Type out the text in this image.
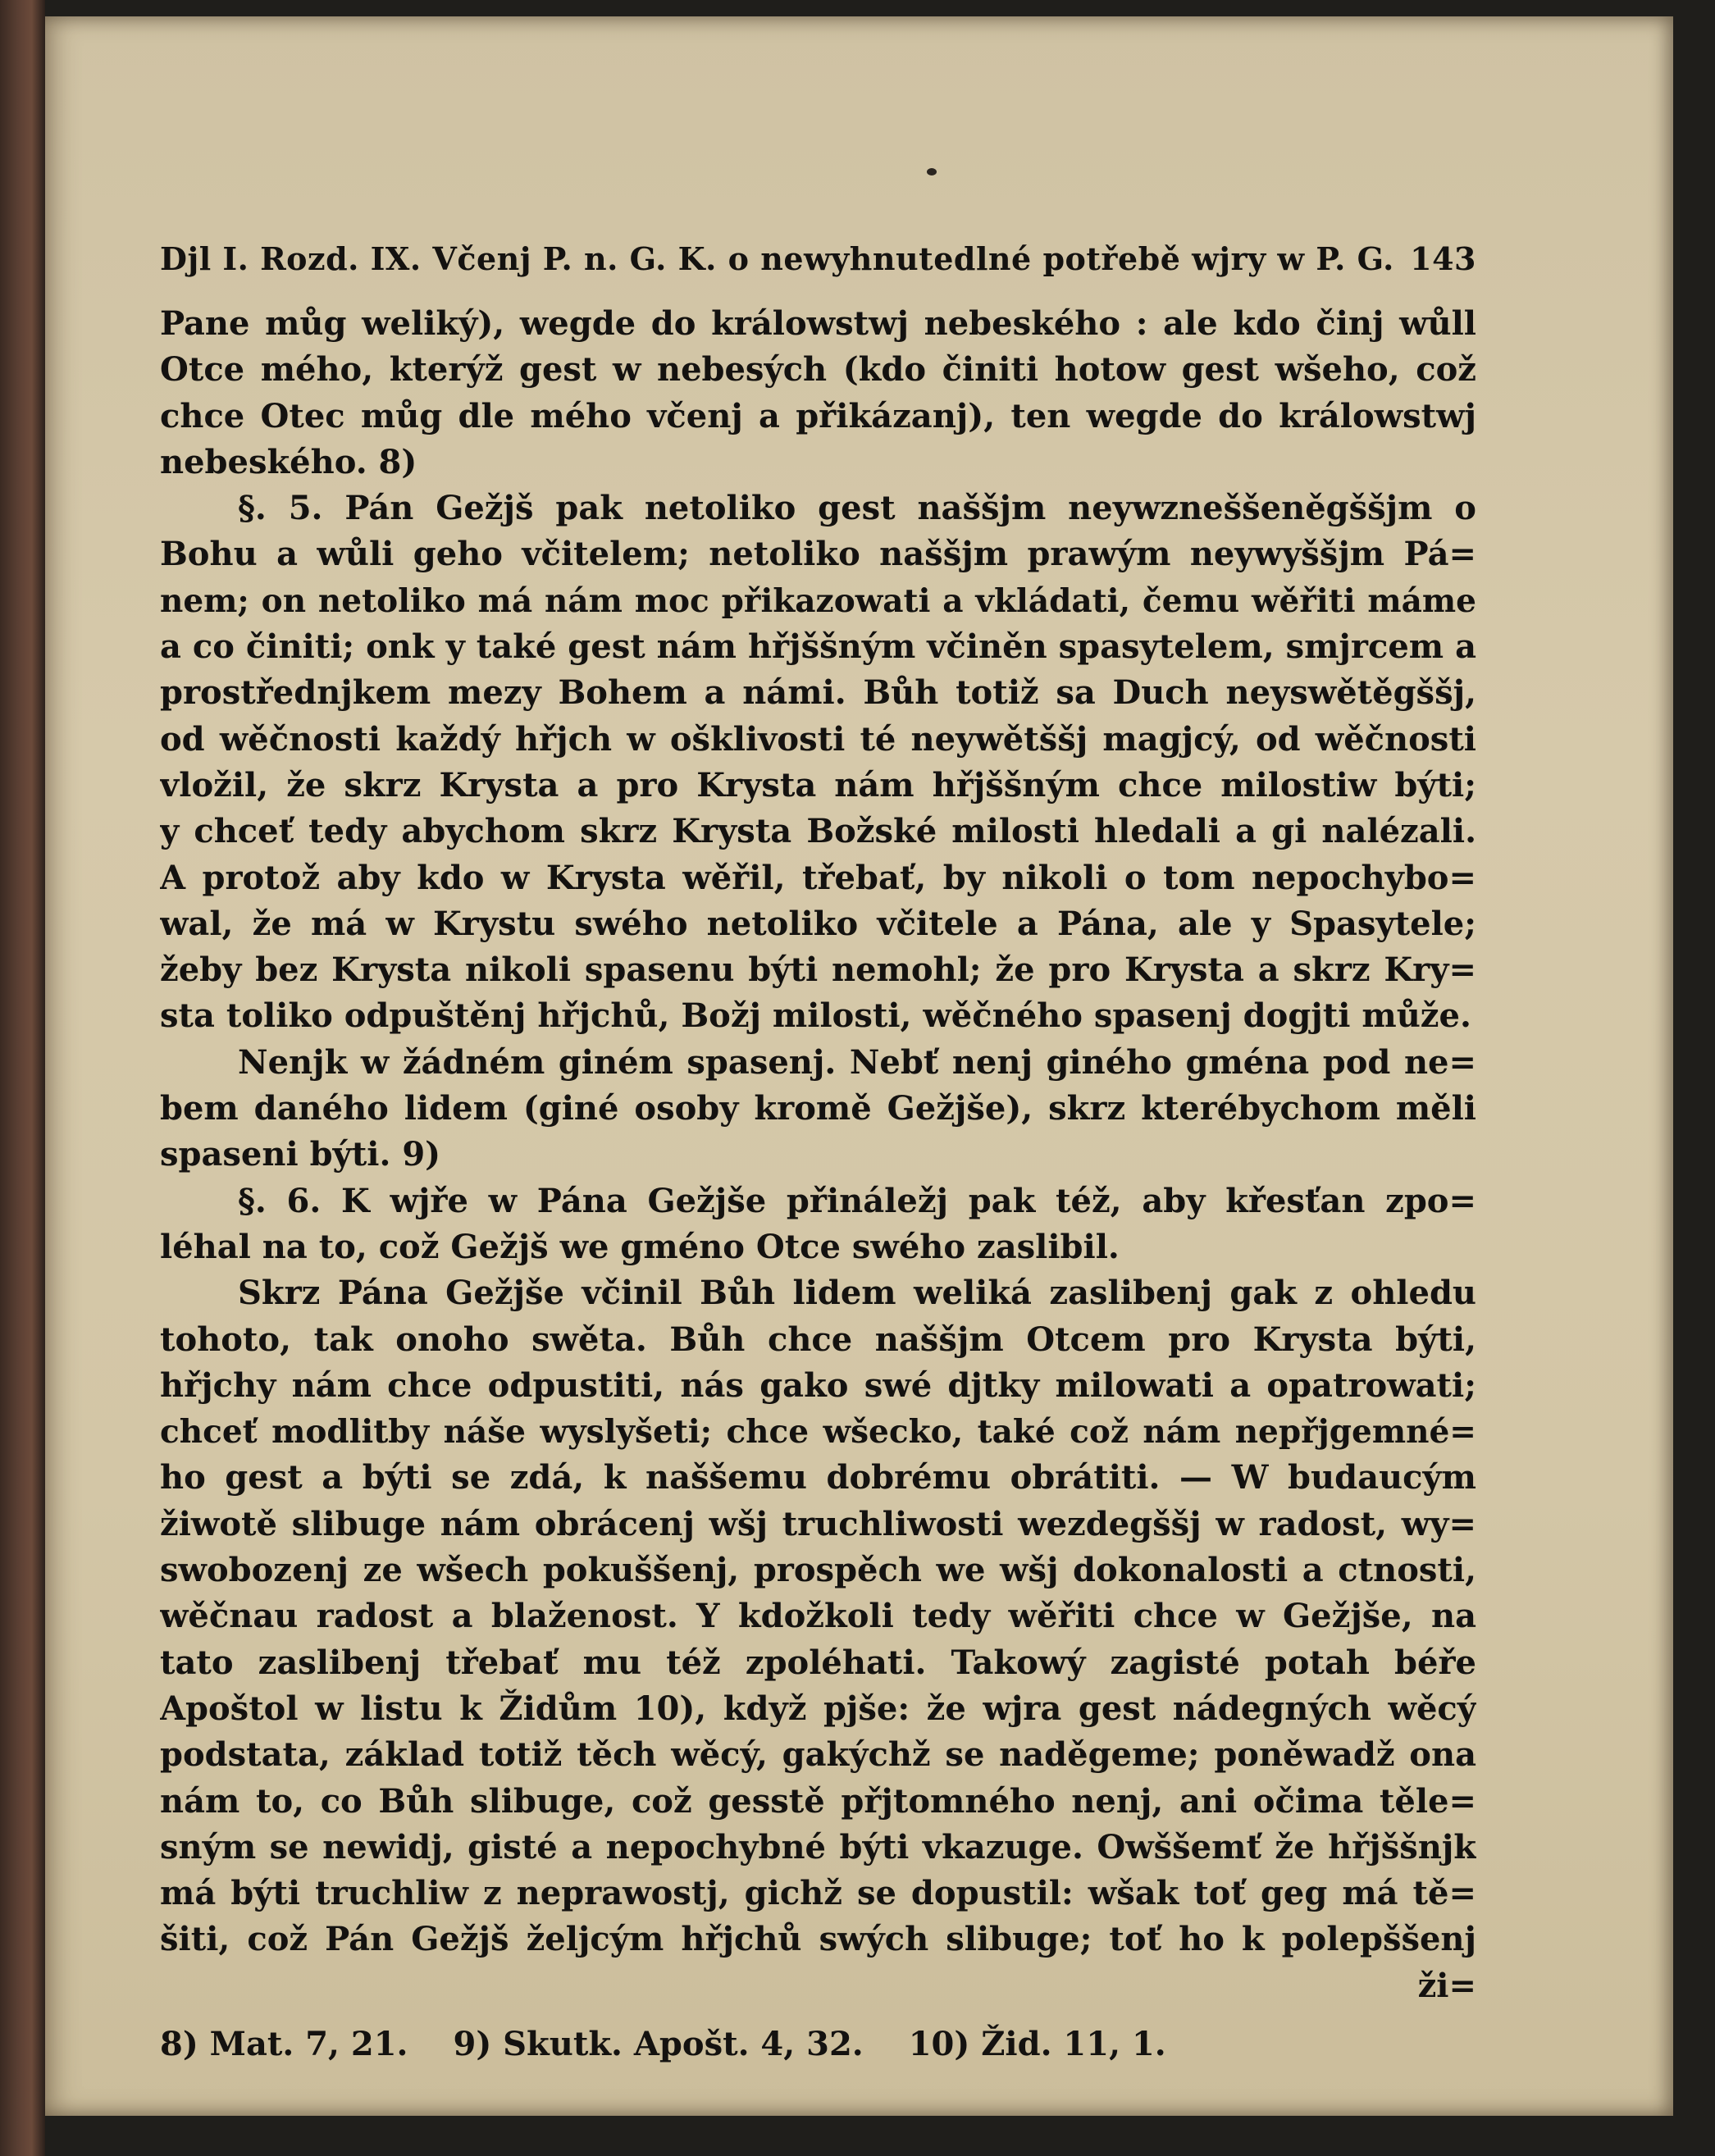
Djl I. Rozd. IX. Včenj P. n. G. K. o newyhnutedlné potřebě wjry w P. G. 143
Pane můg weliký), wegde do králowstwj nebeského : ale kdo činj wůll
Otce mého, kterýž gest w nebesých (kdo činiti hotow gest wšeho, což
chce Otec můg dle mého včenj a přikázanj), ten wegde do králowstwj
nebeského. 8)
§. 5. Pán Gežjš pak netoliko gest naššjm neywzneššeněgššjm o
Bohu a wůli geho včitelem; netoliko naššjm prawým neywyššjm Pá=
nem; on netoliko má nám moc přikazowati a vkládati, čemu wěřiti máme
a co činiti; onk y také gest nám hřjššným včiněn spasytelem, smjrcem a
prostřednjkem mezy Bohem a námi. Bůh totiž sa Duch neyswětěgššj,
od wěčnosti každý hřjch w ošklivosti té neywětššj magjcý, od wěčnosti
vložil, že skrz Krysta a pro Krysta nám hřjššným chce milostiw býti;
y chceť tedy abychom skrz Krysta Božské milosti hledali a gi nalézali.
A protož aby kdo w Krysta wěřil, třebať, by nikoli o tom nepochybo=
wal, že má w Krystu swého netoliko včitele a Pána, ale y Spasytele;
žeby bez Krysta nikoli spasenu býti nemohl; že pro Krysta a skrz Kry=
sta toliko odpuštěnj hřjchů, Božj milosti, wěčného spasenj dogjti může.
Nenjk w žádném giném spasenj. Nebť nenj giného gména pod ne=
bem daného lidem (giné osoby kromě Gežjše), skrz kterébychom měli
spaseni býti. 9)
§. 6. K wjře w Pána Gežjše přináležj pak též, aby křesťan zpo=
léhal na to, což Gežjš we gméno Otce swého zaslibil.
Skrz Pána Gežjše včinil Bůh lidem weliká zaslibenj gak z ohledu
tohoto, tak onoho swěta. Bůh chce naššjm Otcem pro Krysta býti,
hřjchy nám chce odpustiti, nás gako swé djtky milowati a opatrowati;
chceť modlitby náše wyslyšeti; chce wšecko, také což nám nepřjgemné=
ho gest a býti se zdá, k naššemu dobrému obrátiti. — W budaucým
žiwotě slibuge nám obrácenj wšj truchliwosti wezdegššj w radost, wy=
swobozenj ze wšech pokuššenj, prospěch we wšj dokonalosti a ctnosti,
wěčnau radost a blaženost. Y kdožkoli tedy wěřiti chce w Gežjše, na
tato zaslibenj třebať mu též zpoléhati. Takowý zagisté potah béře
Apoštol w listu k Židům 10), když pjše: že wjra gest nádegných wěcý
podstata, základ totiž těch wěcý, gakýchž se naděgeme; poněwadž ona
nám to, co Bůh slibuge, což gesstě přjtomného nenj, ani očima těle=
sným se newidj, gisté a nepochybné býti vkazuge. Owššemť že hřjššnjk
má býti truchliw z neprawostj, gichž se dopustil: wšak toť geg má tě=
šiti, což Pán Gežjš željcým hřjchů swých slibuge; toť ho k polepššenj
ži=
8) Mat. 7, 21. 9) Skutk. Apošt. 4, 32. 10) Žid. 11, 1.
